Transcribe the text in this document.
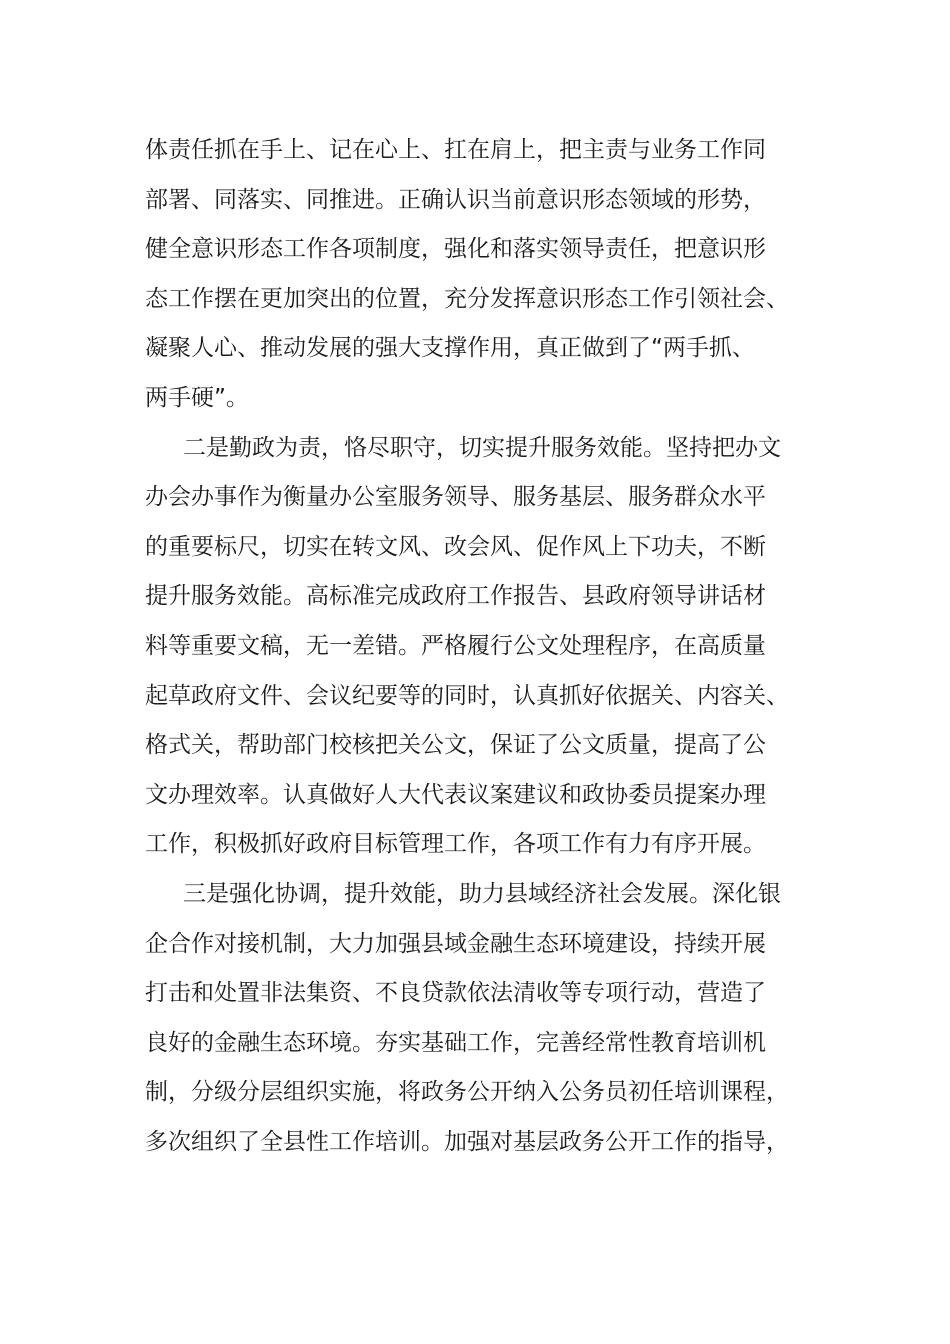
体责任抓在手上、记在心上、扛在肩上，把主责与业务工作同
部署、同落实、同推进。正确认识当前意识形态领域的形势，
健全意识形态工作各项制度，强化和落实领导责任，把意识形
态工作摆在更加突出的位置，充分发挥意识形态工作引领社会、
凝聚人心、推动发展的强大支撑作用，真正做到了“两手抓、
两手硬”。
二是勤政为责，恪尽职守，切实提升服务效能。坚持把办文
办会办事作为衡量办公室服务领导、服务基层、服务群众水平
的重要标尺，切实在转文风、改会风、促作风上下功夫，不断
提升服务效能。高标准完成政府工作报告、县政府领导讲话材
料等重要文稿，无一差错。严格履行公文处理程序，在高质量
起草政府文件、会议纪要等的同时，认真抓好依据关、内容关、
格式关，帮助部门校核把关公文，保证了公文质量，提高了公
文办理效率。认真做好人大代表议案建议和政协委员提案办理
工作，积极抓好政府目标管理工作，各项工作有力有序开展。
三是强化协调，提升效能，助力县域经济社会发展。深化银
企合作对接机制，大力加强县域金融生态环境建设，持续开展
打击和处置非法集资、不良贷款依法清收等专项行动，营造了
良好的金融生态环境。夯实基础工作，完善经常性教育培训机
制，分级分层组织实施，将政务公开纳入公务员初任培训课程，
多次组织了全县性工作培训。加强对基层政务公开工作的指导，
